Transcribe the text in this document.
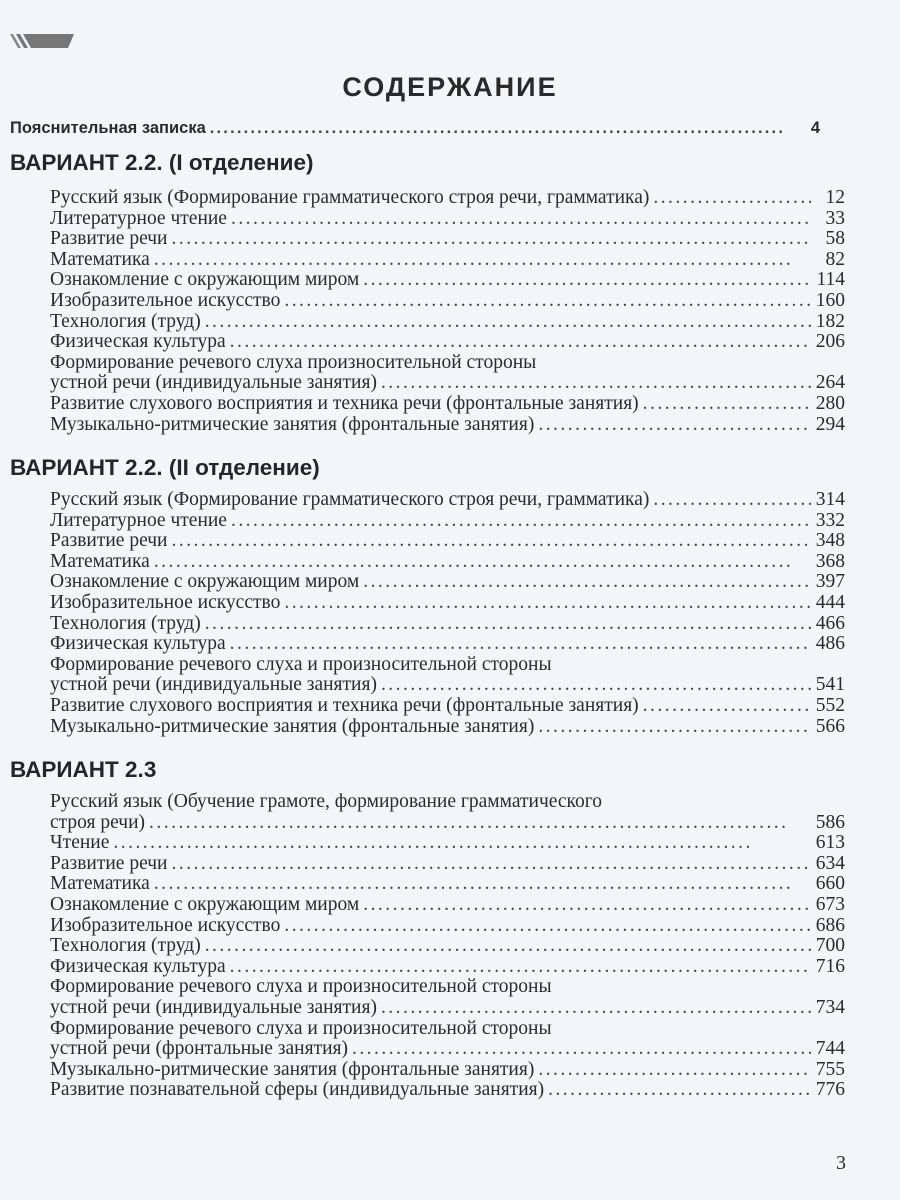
СОДЕРЖАНИЕ
Пояснительная записка . . .	4
ВАРИАНТ 2.2. (I отделение)
Русский язык (Формирование грамматического строя речи, грамматика) . . .	12
Литературное чтение . . .	33
Развитие речи . . .	58
Математика . . .	82
Ознакомление с окружающим миром . . .	114
Изобразительное искусство . . .	160
Технология (труд) . . .	182
Физическая культура . . .	206
Формирование речевого слуха произносительной стороны
устной речи (индивидуальные занятия) . . .	264
Развитие слухового восприятия и техника речи (фронтальные занятия) . . .	280
Музыкально-ритмические занятия (фронтальные занятия) . . .	294
ВАРИАНТ 2.2. (II отделение)
Русский язык (Формирование грамматического строя речи, грамматика) . . .	314
Литературное чтение . . .	332
Развитие речи . . .	348
Математика . . .	368
Ознакомление с окружающим миром . . .	397
Изобразительное искусство . . .	444
Технология (труд) . . .	466
Физическая культура . . .	486
Формирование речевого слуха и произносительной стороны
устной речи (индивидуальные занятия) . . .	541
Развитие слухового восприятия и техника речи (фронтальные занятия) . . .	552
Музыкально-ритмические занятия (фронтальные занятия) . . .	566
ВАРИАНТ 2.3
Русский язык (Обучение грамоте, формирование грамматического
строя речи) . . .	586
Чтение . . .	613
Развитие речи . . .	634
Математика . . .	660
Ознакомление с окружающим миром . . .	673
Изобразительное искусство . . .	686
Технология (труд) . . .	700
Физическая культура . . .	716
Формирование речевого слуха и произносительной стороны
устной речи (индивидуальные занятия) . . .	734
Формирование речевого слуха и произносительной стороны
устной речи (фронтальные занятия) . . .	744
Музыкально-ритмические занятия (фронтальные занятия) . . .	755
Развитие познавательной сферы (индивидуальные занятия) . . .	776
3
